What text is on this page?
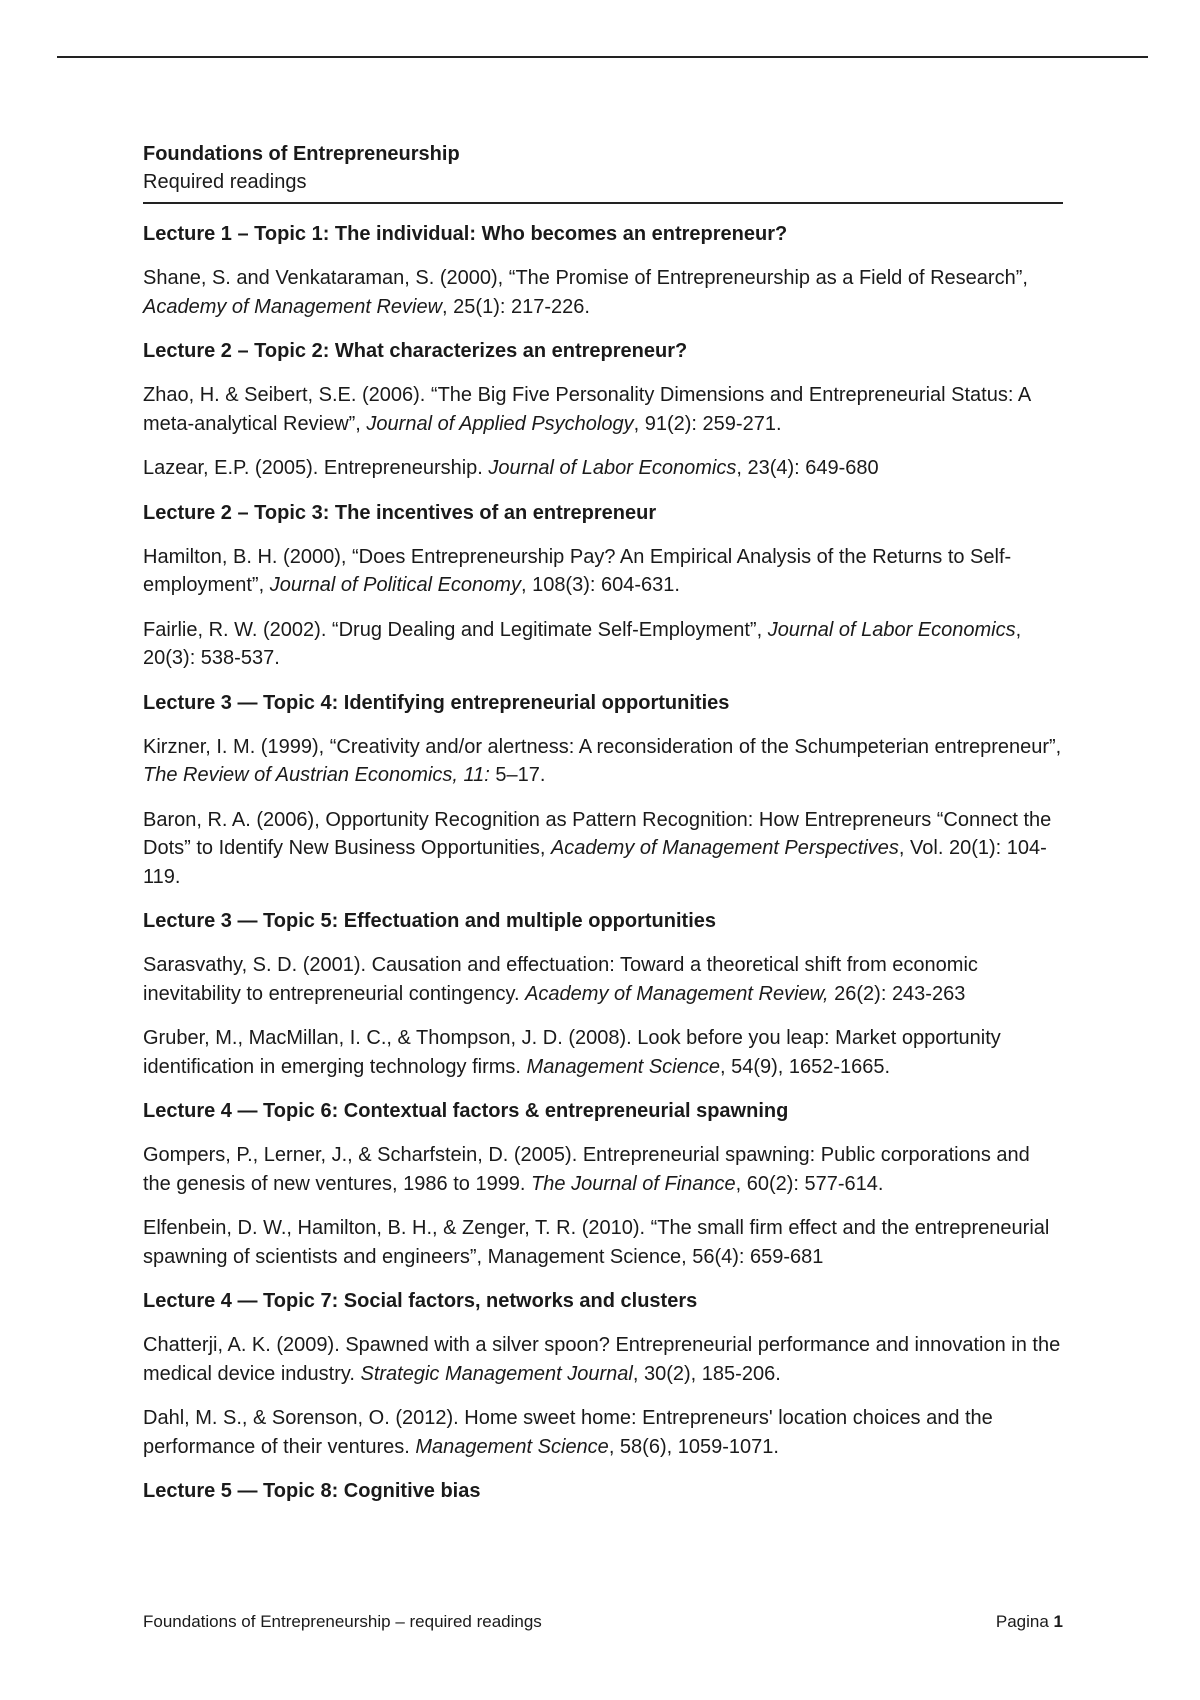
Foundations of Entrepreneurship

Required readings

Lecture 1 – Topic 1: The individual: Who becomes an entrepreneur?

Shane, S. and Venkataraman, S. (2000), “The Promise of Entrepreneurship as a Field of Research”, Academy of Management Review, 25(1): 217-226.

Lecture 2 – Topic 2: What characterizes an entrepreneur?

Zhao, H. & Seibert, S.E. (2006). “The Big Five Personality Dimensions and Entrepreneurial Status: A meta-analytical Review”, Journal of Applied Psychology, 91(2): 259-271.

Lazear, E.P. (2005). Entrepreneurship. Journal of Labor Economics, 23(4): 649-680

Lecture 2 – Topic 3: The incentives of an entrepreneur

Hamilton, B. H. (2000), “Does Entrepreneurship Pay? An Empirical Analysis of the Returns to Self-employment”, Journal of Political Economy, 108(3): 604-631.

Fairlie, R. W. (2002). “Drug Dealing and Legitimate Self-Employment”, Journal of Labor Economics, 20(3): 538-537.

Lecture 3 — Topic 4: Identifying entrepreneurial opportunities

Kirzner, I. M. (1999), “Creativity and/or alertness: A reconsideration of the Schumpeterian entrepreneur”, The Review of Austrian Economics, 11: 5–17.

Baron, R. A. (2006), Opportunity Recognition as Pattern Recognition: How Entrepreneurs “Connect the Dots” to Identify New Business Opportunities, Academy of Management Perspectives, Vol. 20(1): 104-119.

Lecture 3 — Topic 5: Effectuation and multiple opportunities

Sarasvathy, S. D. (2001). Causation and effectuation: Toward a theoretical shift from economic inevitability to entrepreneurial contingency. Academy of Management Review, 26(2): 243-263

Gruber, M., MacMillan, I. C., & Thompson, J. D. (2008). Look before you leap: Market opportunity identification in emerging technology firms. Management Science, 54(9), 1652-1665.

Lecture 4 — Topic 6: Contextual factors & entrepreneurial spawning

Gompers, P., Lerner, J., & Scharfstein, D. (2005). Entrepreneurial spawning: Public corporations and the genesis of new ventures, 1986 to 1999. The Journal of Finance, 60(2): 577-614.

Elfenbein, D. W., Hamilton, B. H., & Zenger, T. R. (2010). “The small firm effect and the entrepreneurial spawning of scientists and engineers”, Management Science, 56(4): 659-681

Lecture 4 — Topic 7: Social factors, networks and clusters

Chatterji, A. K. (2009). Spawned with a silver spoon? Entrepreneurial performance and innovation in the medical device industry. Strategic Management Journal, 30(2), 185-206.

Dahl, M. S., & Sorenson, O. (2012). Home sweet home: Entrepreneurs' location choices and the performance of their ventures. Management Science, 58(6), 1059-1071.

Lecture 5 — Topic 8: Cognitive bias

Foundations of Entrepreneurship – required readings	Pagina 1
